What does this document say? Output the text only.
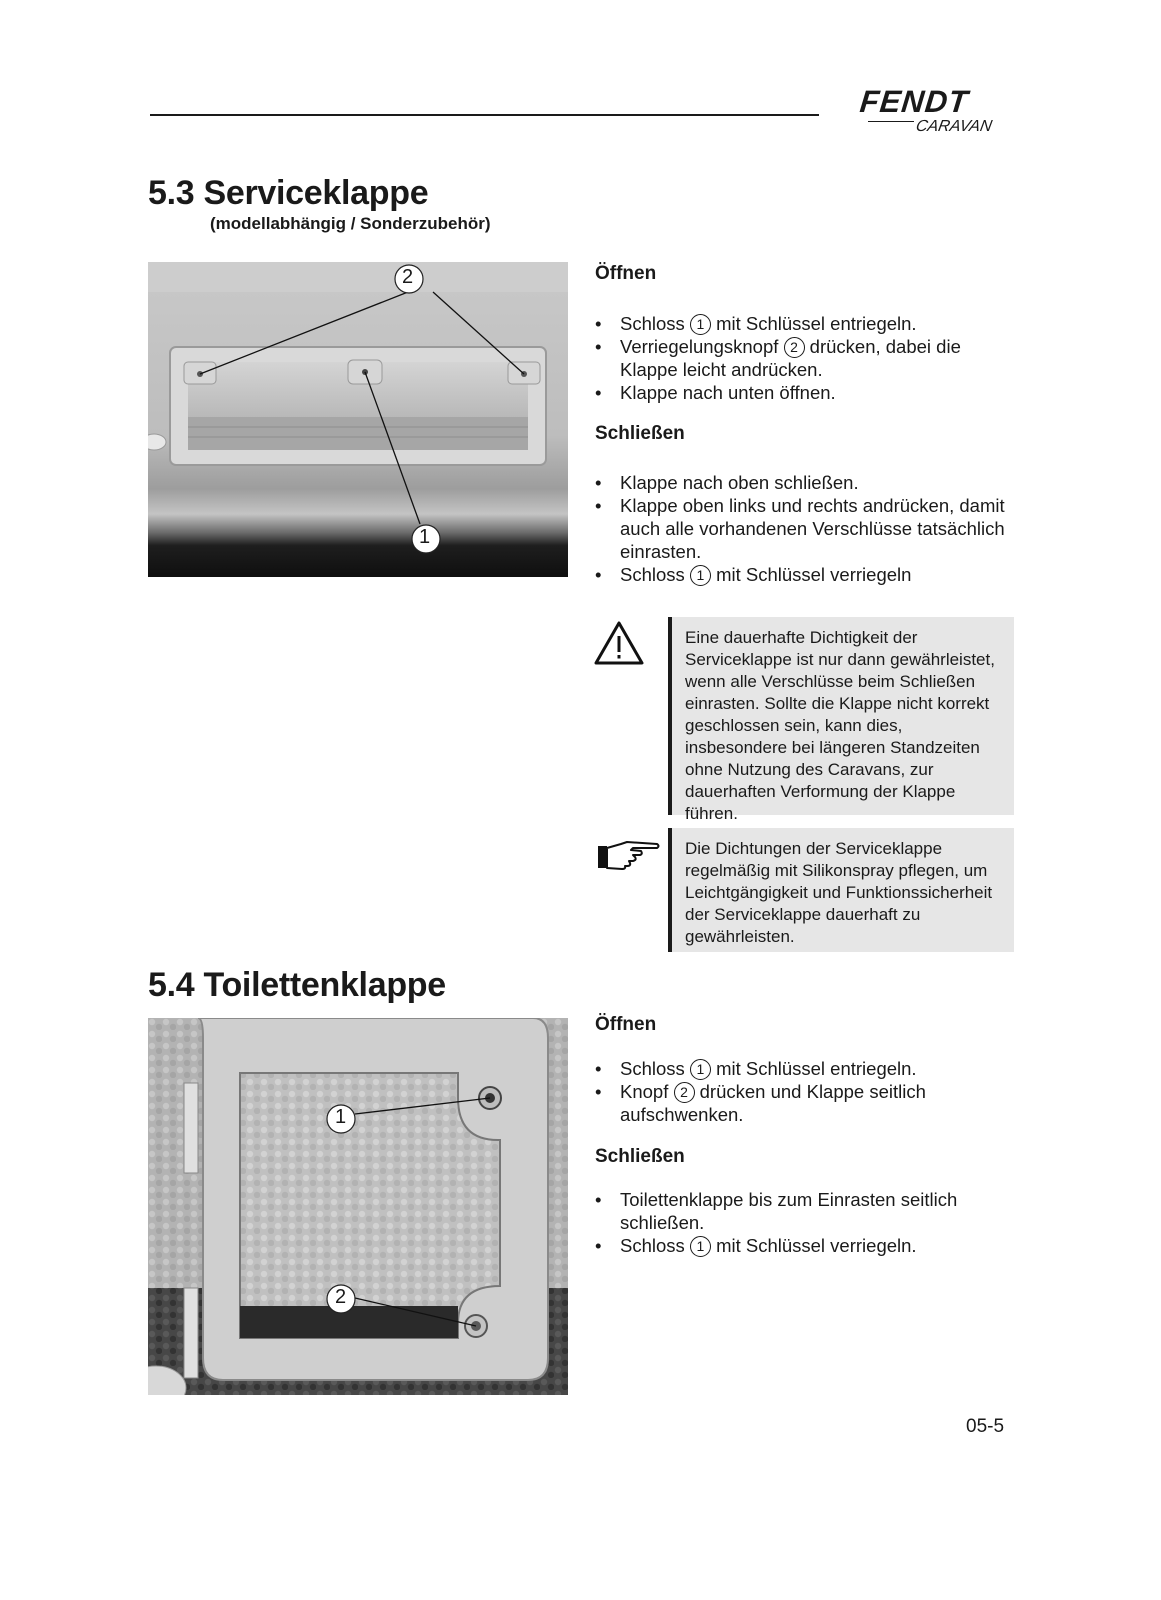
FENDT
CARAVAN
5.3 Serviceklappe
(modellabhängig / Sonderzubehör)
2
1
Öffnen
• Schloss 1 mit Schlüssel entriegeln.
• Verriegelungsknopf 2 drücken, dabei die Klappe leicht andrücken.
• Klappe nach unten öffnen.
Schließen
• Klappe nach oben schließen.
• Klappe oben links und rechts andrücken, damit auch alle vorhandenen Verschlüsse tatsächlich einrasten.
• Schloss 1 mit Schlüssel verriegeln
Eine dauerhafte Dichtigkeit der Serviceklappe ist nur dann gewährleistet, wenn alle Verschlüsse beim Schließen einrasten. Sollte die Klappe nicht korrekt geschlossen sein, kann dies, insbesondere bei längeren Standzeiten ohne Nutzung des Caravans, zur dauerhaften Verformung der Klappe führen.
Die Dichtungen der Serviceklappe regelmäßig mit Silikonspray pflegen, um Leichtgängigkeit und Funktionssicherheit der Serviceklappe dauerhaft zu gewährleisten.
5.4 Toilettenklappe
1
2
Öffnen
• Schloss 1 mit Schlüssel entriegeln.
• Knopf 2 drücken und Klappe seitlich aufschwenken.
Schließen
• Toilettenklappe bis zum Einrasten seitlich schließen.
• Schloss 1 mit Schlüssel verriegeln.
05-5
